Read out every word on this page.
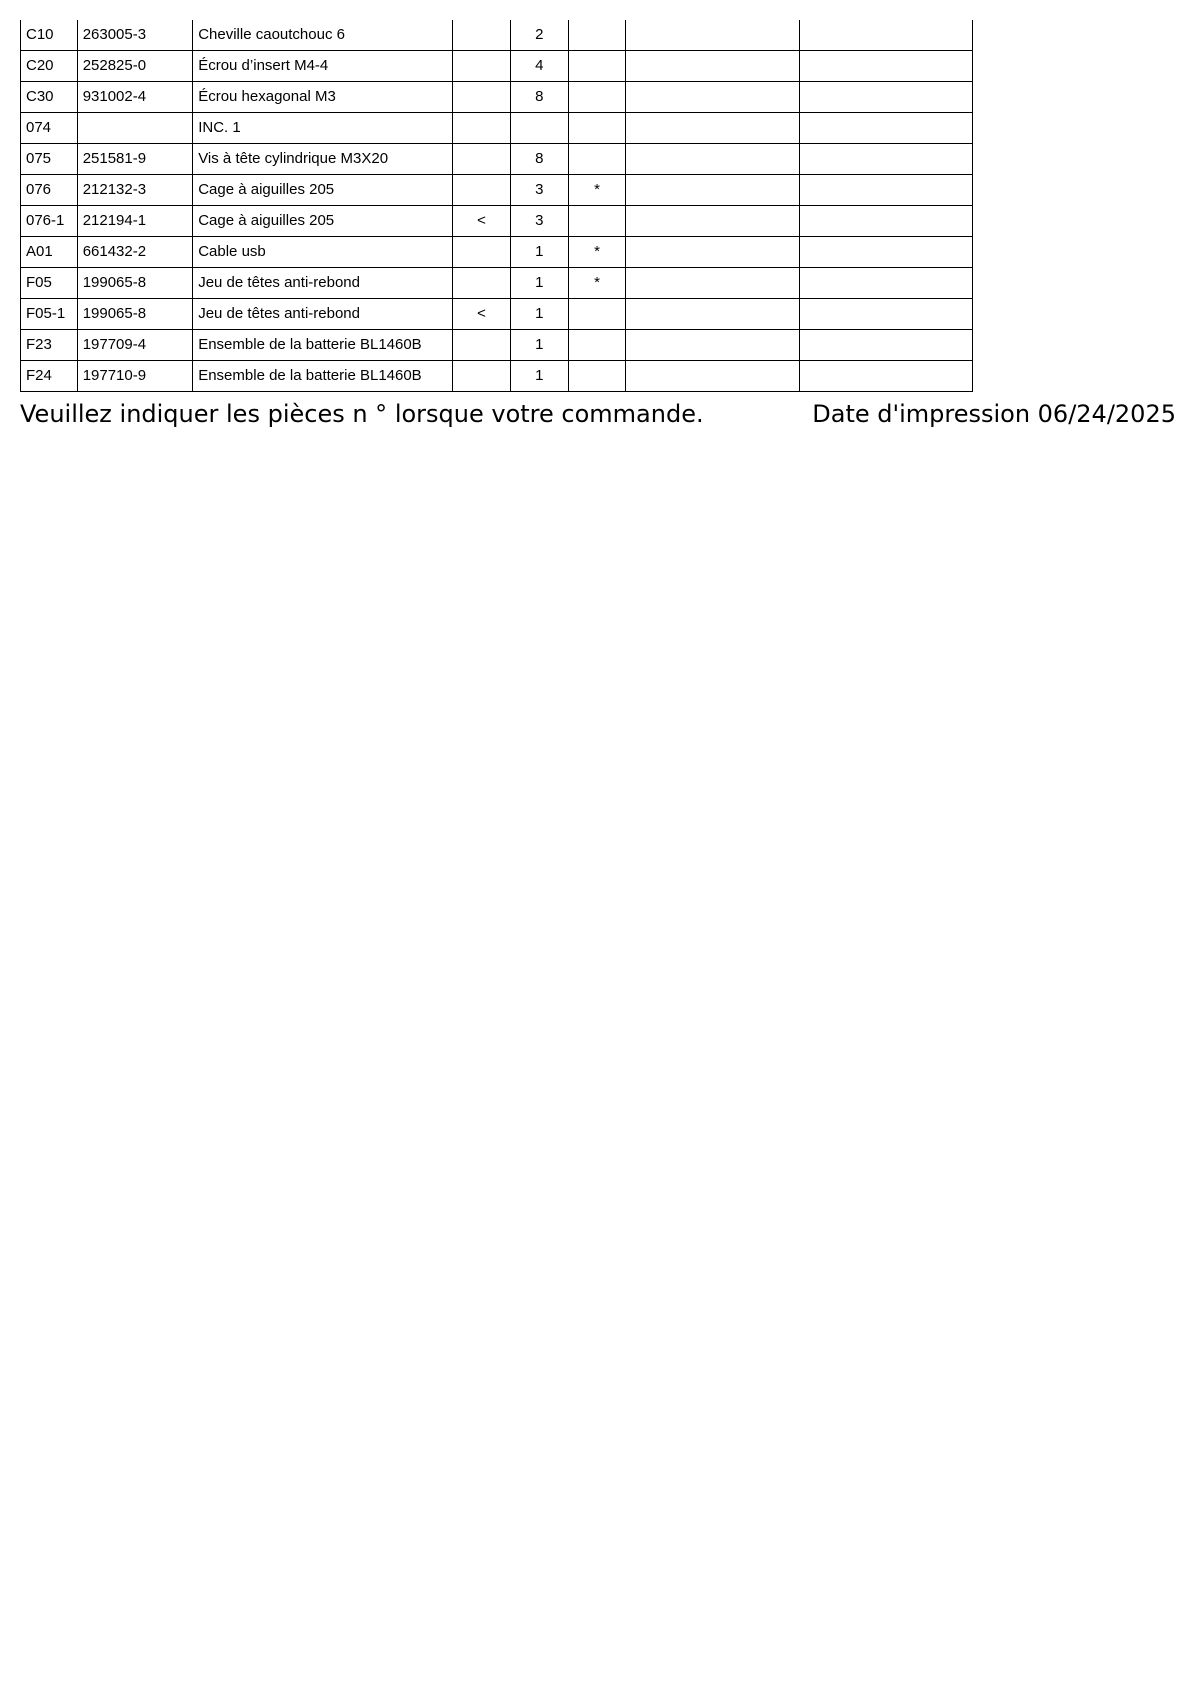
C10	263005-3	Cheville caoutchouc 6		2			
C20	252825-0	Écrou d’insert M4-4		4			
C30	931002-4	Écrou hexagonal M3		8			
074		INC. 1					
075	251581-9	Vis à tête cylindrique M3X20		8			
076	212132-3	Cage à aiguilles 205		3	*		
076-1	212194-1	Cage à aiguilles 205	<	3			
A01	661432-2	Cable usb		1	*		
F05	199065-8	Jeu de têtes anti-rebond		1	*		
F05-1	199065-8	Jeu de têtes anti-rebond	<	1			
F23	197709-4	Ensemble de la batterie BL1460B		1			
F24	197710-9	Ensemble de la batterie BL1460B		1			
Veuillez indiquer les pièces n ° lorsque votre commande.	Date d'impression 06/24/2025
